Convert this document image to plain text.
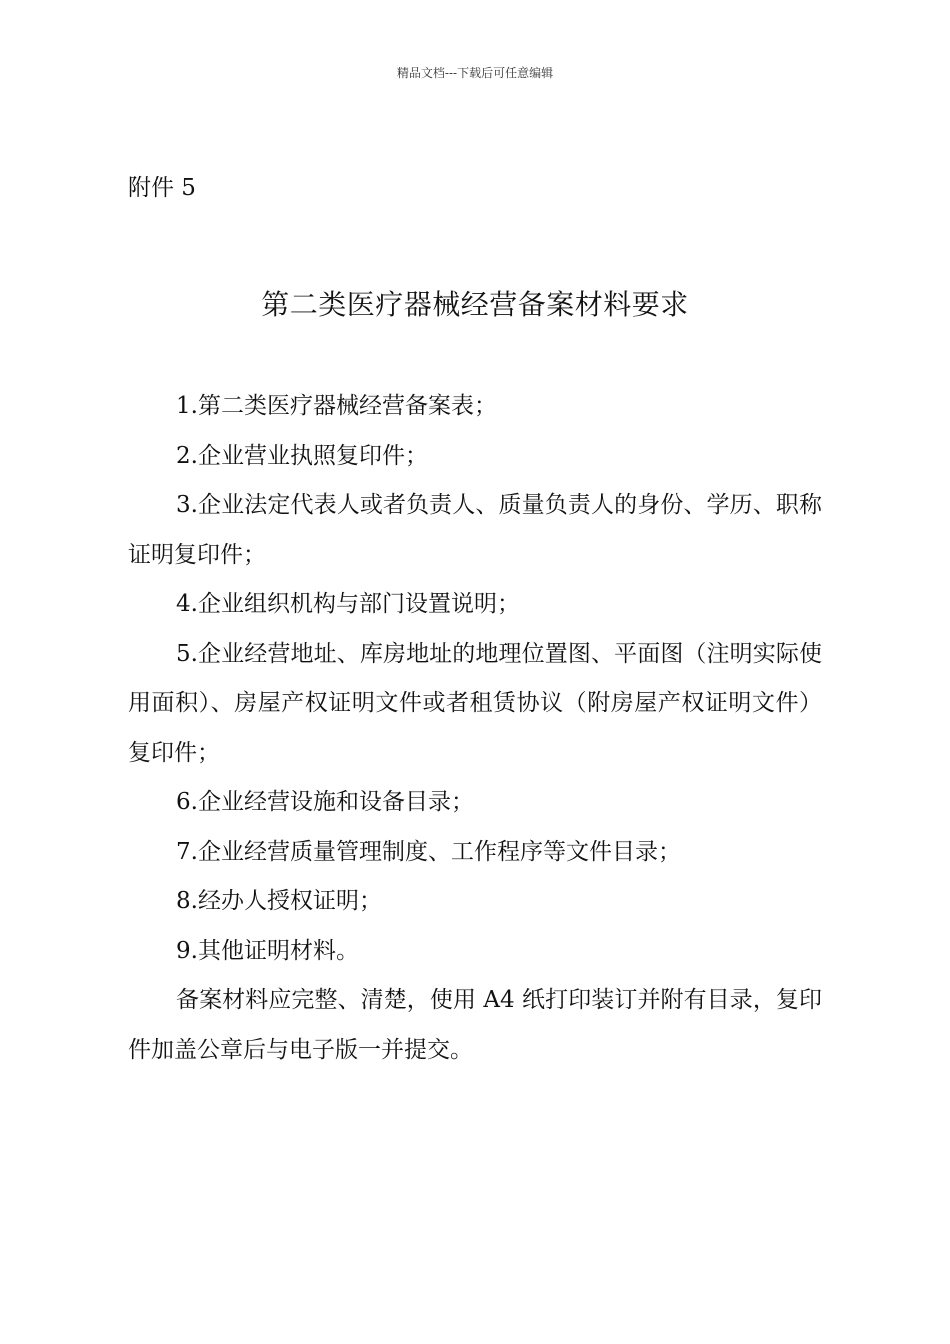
精品文档---下载后可任意编辑
附件 5
第二类医疗器械经营备案材料要求

1.第二类医疗器械经营备案表；

2.企业营业执照复印件；

3.企业法定代表人或者负责人、质量负责人的身份、学历、职称证明复印件；

4.企业组织机构与部门设置说明；

5.企业经营地址、库房地址的地理位置图、平面图（注明实际使用面积）、房屋产权证明文件或者租赁协议（附房屋产权证明文件）复印件；

6.企业经营设施和设备目录；

7.企业经营质量管理制度、工作程序等文件目录；

8.经办人授权证明；

9.其他证明材料。

备案材料应完整、清楚，使用 A4 纸打印装订并附有目录，复印件加盖公章后与电子版一并提交。
